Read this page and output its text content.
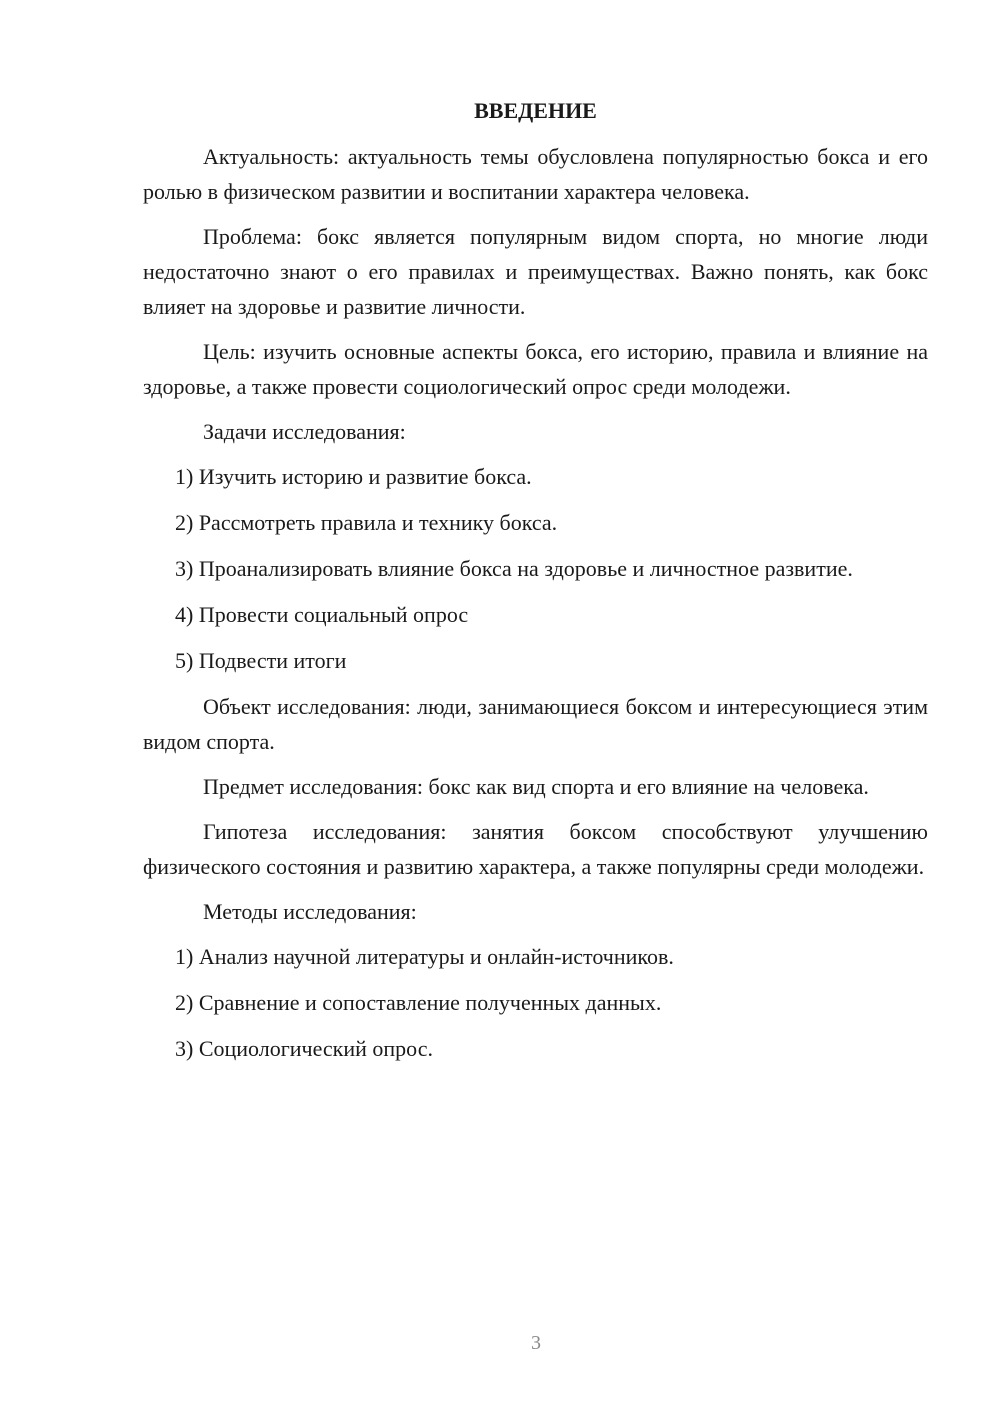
ВВЕДЕНИЕ

Актуальность: актуальность темы обусловлена популярностью бокса и его ролью в физическом развитии и воспитании характера человека.

Проблема: бокс является популярным видом спорта, но многие люди недостаточно знают о его правилах и преимуществах. Важно понять, как бокс влияет на здоровье и развитие личности.

Цель: изучить основные аспекты бокса, его историю, правила и влияние на здоровье, а также провести социологический опрос среди молодежи.

Задачи исследования:

1) Изучить историю и развитие бокса.

2) Рассмотреть правила и технику бокса.

3) Проанализировать влияние бокса на здоровье и личностное развитие.

4) Провести социальный опрос

5) Подвести итоги

Объект исследования: люди, занимающиеся боксом и интересующиеся этим видом спорта.

Предмет исследования: бокс как вид спорта и его влияние на человека.

Гипотеза исследования: занятия боксом способствуют улучшению физического состояния и развитию характера, а также популярны среди молодежи.

Методы исследования:

1) Анализ научной литературы и онлайн-источников.

2) Сравнение и сопоставление полученных данных.

3) Социологический опрос.

3
